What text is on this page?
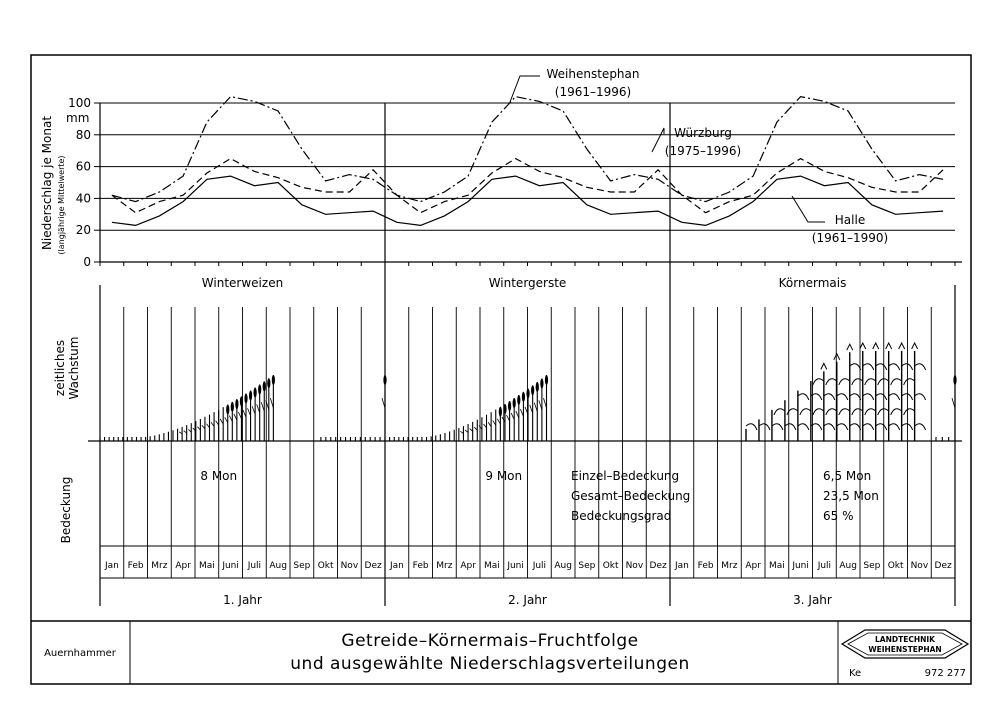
0
20
40
60
80
100
Weihenstephan
(1961–1996)
Würzburg
(1975–1996)
Halle
(1961–1990)
Niederschlag je Monat (langjährige Mittelwerte)
mm
Winterweizen
8 Mon
Wintergerste
9 Mon
Körnermais
zeitliches Wachstum
Bedeckung
Einzel–Bedeckung	6,5 Mon
Gesamt–Bedeckung	23,5 Mon
Bedeckungsgrad	65 %
Jan Feb Mrz Apr Mai Juni Juli Aug Sep Okt Nov Dez Jan Feb Mrz Apr Mai Juni Juli Aug Sep Okt Nov Dez Jan Feb Mrz Apr Mai Juni Juli Aug Sep Okt Nov Dez
1. Jahr	2. Jahr	3. Jahr
Auernhammer
Getreide–Körnermais–Fruchtfolge
und ausgewählte Niederschlagsverteilungen
LANDTECHNIK
WEIHENSTEPHAN
Ke	972 277
